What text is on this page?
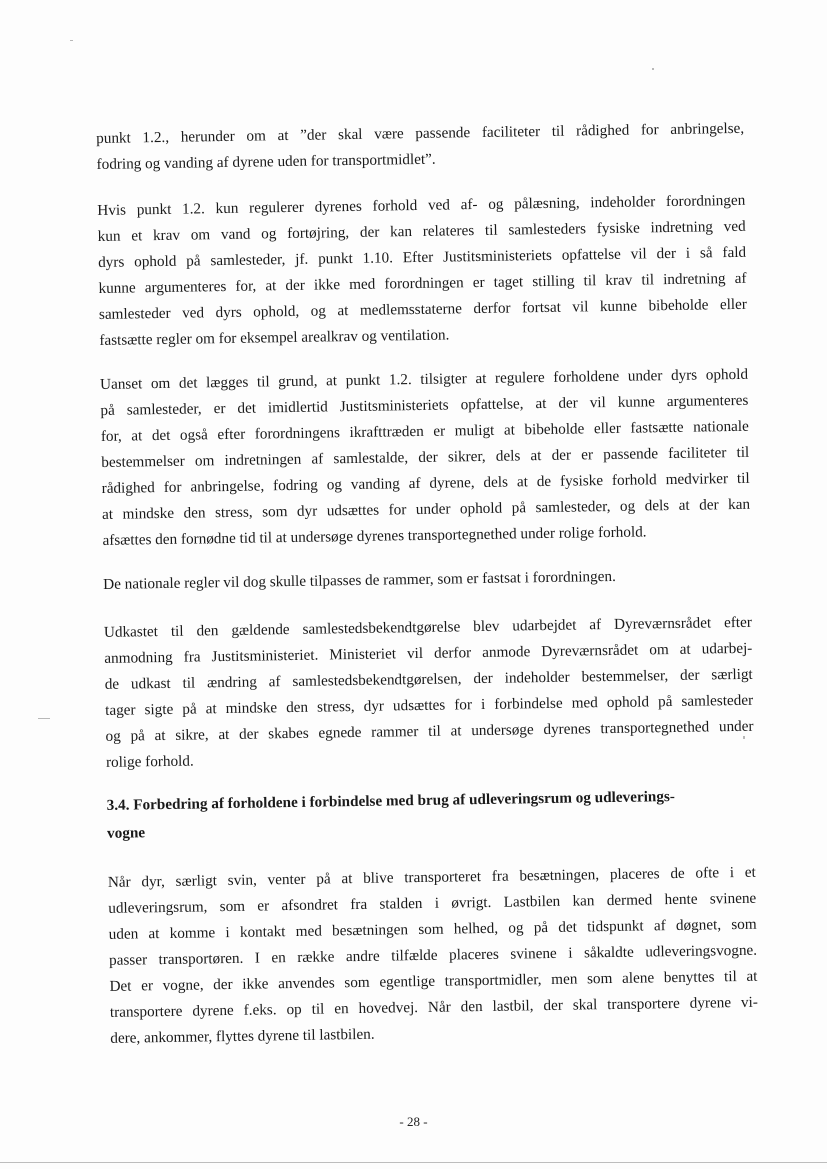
punkt 1.2., herunder om at ”der skal være passende faciliteter til rådighed for anbringelse,
fodring og vanding af dyrene uden for transportmidlet”.

Hvis punkt 1.2. kun regulerer dyrenes forhold ved af- og pålæsning, indeholder forordningen
kun et krav om vand og fortøjring, der kan relateres til samlesteders fysiske indretning ved
dyrs ophold på samlesteder, jf. punkt 1.10. Efter Justitsministeriets opfattelse vil der i så fald
kunne argumenteres for, at der ikke med forordningen er taget stilling til krav til indretning af
samlesteder ved dyrs ophold, og at medlemsstaterne derfor fortsat vil kunne bibeholde eller
fastsætte regler om for eksempel arealkrav og ventilation.

Uanset om det lægges til grund, at punkt 1.2. tilsigter at regulere forholdene under dyrs ophold
på samlesteder, er det imidlertid Justitsministeriets opfattelse, at der vil kunne argumenteres
for, at det også efter forordningens ikrafttræden er muligt at bibeholde eller fastsætte nationale
bestemmelser om indretningen af samlestalde, der sikrer, dels at der er passende faciliteter til
rådighed for anbringelse, fodring og vanding af dyrene, dels at de fysiske forhold medvirker til
at mindske den stress, som dyr udsættes for under ophold på samlesteder, og dels at der kan
afsættes den fornødne tid til at undersøge dyrenes transportegnethed under rolige forhold.

De nationale regler vil dog skulle tilpasses de rammer, som er fastsat i forordningen.

Udkastet til den gældende samlestedsbekendtgørelse blev udarbejdet af Dyreværnsrådet efter
anmodning fra Justitsministeriet. Ministeriet vil derfor anmode Dyreværnsrådet om at udarbej-
de udkast til ændring af samlestedsbekendtgørelsen, der indeholder bestemmelser, der særligt
tager sigte på at mindske den stress, dyr udsættes for i forbindelse med ophold på samlesteder
og på at sikre, at der skabes egnede rammer til at undersøge dyrenes transportegnethed under
rolige forhold.

3.4. Forbedring af forholdene i forbindelse med brug af udleveringsrum og udleverings-
vogne

Når dyr, særligt svin, venter på at blive transporteret fra besætningen, placeres de ofte i et
udleveringsrum, som er afsondret fra stalden i øvrigt. Lastbilen kan dermed hente svinene
uden at komme i kontakt med besætningen som helhed, og på det tidspunkt af døgnet, som
passer transportøren. I en række andre tilfælde placeres svinene i såkaldte udleveringsvogne.
Det er vogne, der ikke anvendes som egentlige transportmidler, men som alene benyttes til at
transportere dyrene f.eks. op til en hovedvej. Når den lastbil, der skal transportere dyrene vi-
dere, ankommer, flyttes dyrene til lastbilen.

- 28 -
